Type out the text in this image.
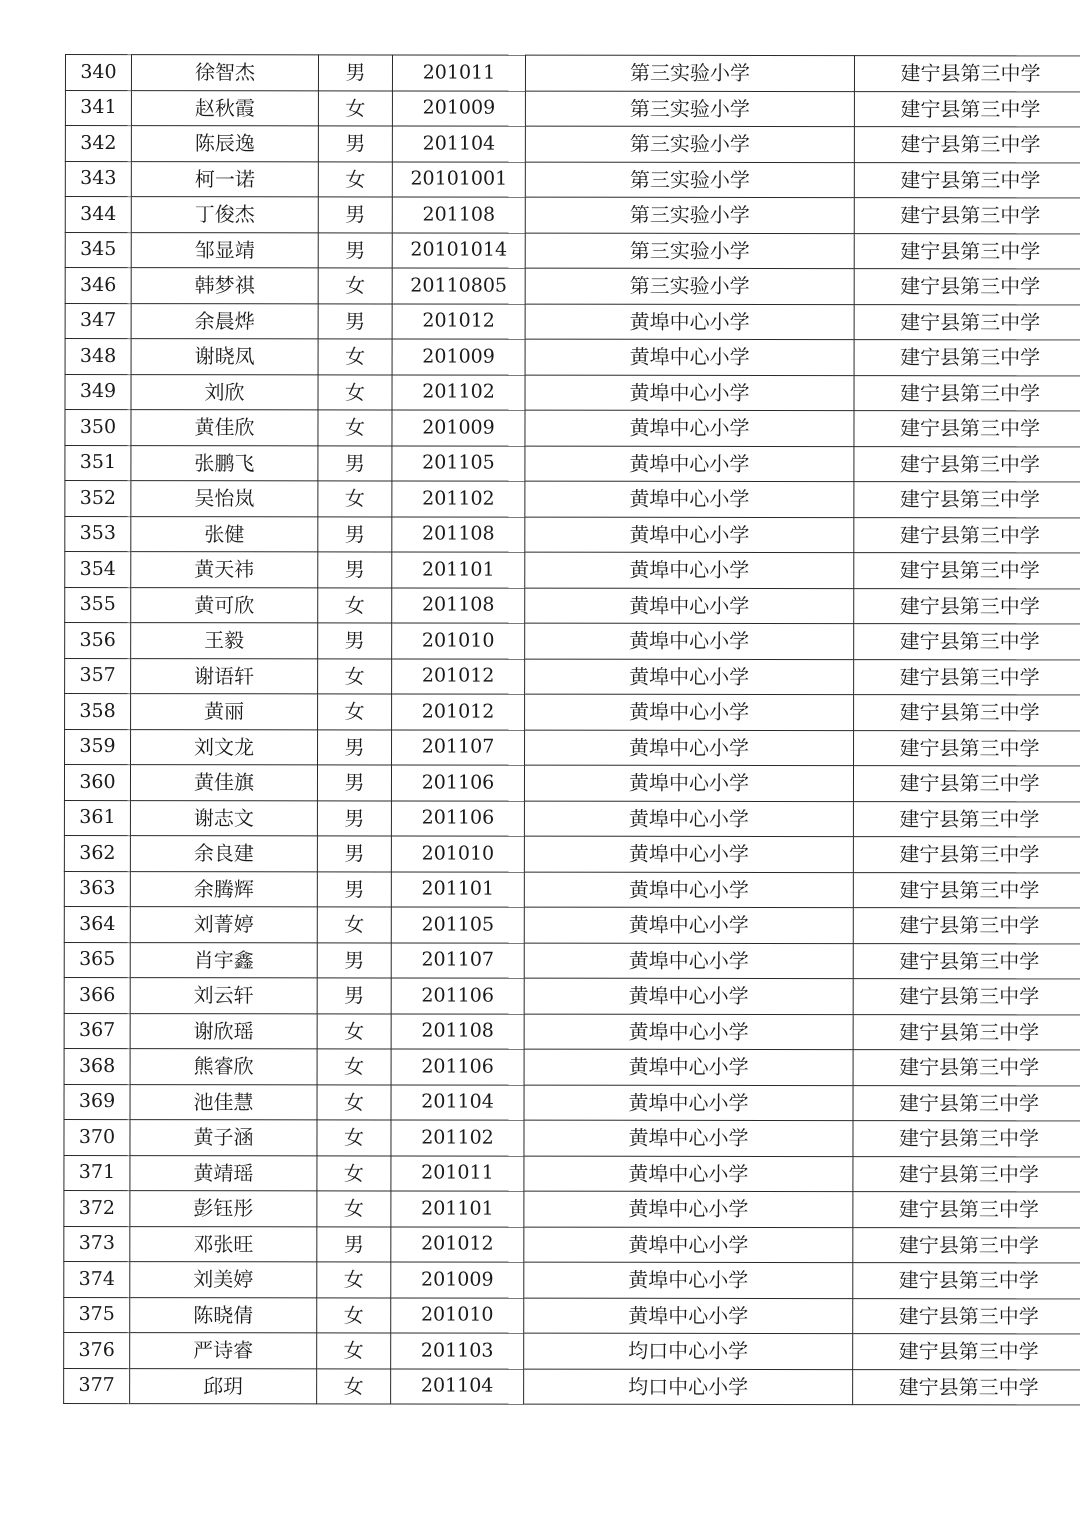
340	徐智杰	男	201011	第三实验小学	建宁县第三中学
341	赵秋霞	女	201009	第三实验小学	建宁县第三中学
342	陈辰逸	男	201104	第三实验小学	建宁县第三中学
343	柯一诺	女	20101001	第三实验小学	建宁县第三中学
344	丁俊杰	男	201108	第三实验小学	建宁县第三中学
345	邹显靖	男	20101014	第三实验小学	建宁县第三中学
346	韩梦祺	女	20110805	第三实验小学	建宁县第三中学
347	余晨烨	男	201012	黄埠中心小学	建宁县第三中学
348	谢晓凤	女	201009	黄埠中心小学	建宁县第三中学
349	刘欣	女	201102	黄埠中心小学	建宁县第三中学
350	黄佳欣	女	201009	黄埠中心小学	建宁县第三中学
351	张鹏飞	男	201105	黄埠中心小学	建宁县第三中学
352	吴怡岚	女	201102	黄埠中心小学	建宁县第三中学
353	张健	男	201108	黄埠中心小学	建宁县第三中学
354	黄天祎	男	201101	黄埠中心小学	建宁县第三中学
355	黄可欣	女	201108	黄埠中心小学	建宁县第三中学
356	王毅	男	201010	黄埠中心小学	建宁县第三中学
357	谢语轩	女	201012	黄埠中心小学	建宁县第三中学
358	黄丽	女	201012	黄埠中心小学	建宁县第三中学
359	刘文龙	男	201107	黄埠中心小学	建宁县第三中学
360	黄佳旗	男	201106	黄埠中心小学	建宁县第三中学
361	谢志文	男	201106	黄埠中心小学	建宁县第三中学
362	余良建	男	201010	黄埠中心小学	建宁县第三中学
363	余腾辉	男	201101	黄埠中心小学	建宁县第三中学
364	刘菁婷	女	201105	黄埠中心小学	建宁县第三中学
365	肖宇鑫	男	201107	黄埠中心小学	建宁县第三中学
366	刘云轩	男	201106	黄埠中心小学	建宁县第三中学
367	谢欣瑶	女	201108	黄埠中心小学	建宁县第三中学
368	熊睿欣	女	201106	黄埠中心小学	建宁县第三中学
369	池佳慧	女	201104	黄埠中心小学	建宁县第三中学
370	黄子涵	女	201102	黄埠中心小学	建宁县第三中学
371	黄靖瑶	女	201011	黄埠中心小学	建宁县第三中学
372	彭钰彤	女	201101	黄埠中心小学	建宁县第三中学
373	邓张旺	男	201012	黄埠中心小学	建宁县第三中学
374	刘美婷	女	201009	黄埠中心小学	建宁县第三中学
375	陈晓倩	女	201010	黄埠中心小学	建宁县第三中学
376	严诗睿	女	201103	均口中心小学	建宁县第三中学
377	邱玥	女	201104	均口中心小学	建宁县第三中学
